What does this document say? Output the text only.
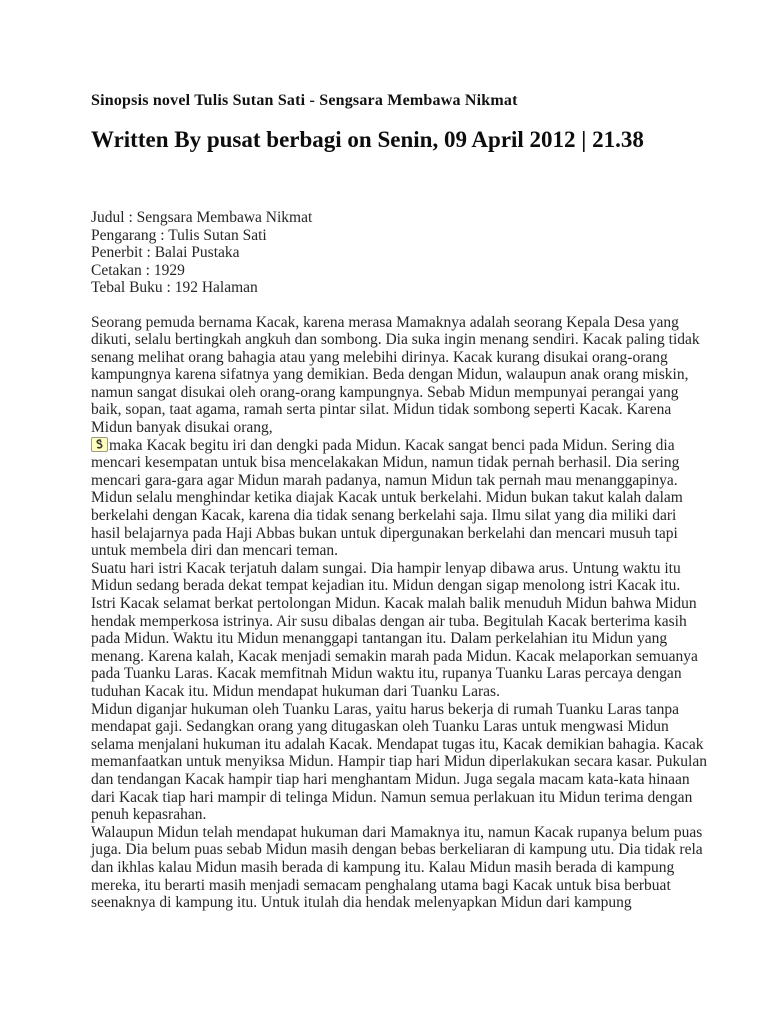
Sinopsis novel Tulis Sutan Sati - Sengsara Membawa Nikmat
Written By pusat berbagi on Senin, 09 April 2012 | 21.38
Judul : Sengsara Membawa Nikmat
Pengarang : Tulis Sutan Sati
Penerbit : Balai Pustaka
Cetakan : 1929
Tebal Buku : 192 Halaman

Seorang pemuda bernama Kacak, karena merasa Mamaknya adalah seorang Kepala Desa yang dikuti, selalu bertingkah angkuh dan sombong. Dia suka ingin menang sendiri. Kacak paling tidak senang melihat orang bahagia atau yang melebihi dirinya. Kacak kurang disukai orang-orang kampungnya karena sifatnya yang demikian. Beda dengan Midun, walaupun anak orang miskin, namun sangat disukai oleh orang-orang kampungnya. Sebab Midun mempunyai perangai yang baik, sopan, taat agama, ramah serta pintar silat. Midun tidak sombong seperti Kacak. Karena Midun banyak disukai orang,

maka Kacak begitu iri dan dengki pada Midun. Kacak sangat benci pada Midun. Sering dia mencari kesempatan untuk bisa mencelakakan Midun, namun tidak pernah berhasil. Dia sering mencari gara-gara agar Midun marah padanya, namun Midun tak pernah mau menanggapinya. Midun selalu menghindar ketika diajak Kacak untuk berkelahi. Midun bukan takut kalah dalam berkelahi dengan Kacak, karena dia tidak senang berkelahi saja. Ilmu silat yang dia miliki dari hasil belajarnya pada Haji Abbas bukan untuk dipergunakan berkelahi dan mencari musuh tapi untuk membela diri dan mencari teman.

Suatu hari istri Kacak terjatuh dalam sungai. Dia hampir lenyap dibawa arus. Untung waktu itu Midun sedang berada dekat tempat kejadian itu. Midun dengan sigap menolong istri Kacak itu. Istri Kacak selamat berkat pertolongan Midun. Kacak malah balik menuduh Midun bahwa Midun hendak memperkosa istrinya. Air susu dibalas dengan air tuba. Begitulah Kacak berterima kasih pada Midun. Waktu itu Midun menanggapi tantangan itu. Dalam perkelahian itu Midun yang menang. Karena kalah, Kacak menjadi semakin marah pada Midun. Kacak melaporkan semuanya pada Tuanku Laras. Kacak memfitnah Midun waktu itu, rupanya Tuanku Laras percaya dengan tuduhan Kacak itu. Midun mendapat hukuman dari Tuanku Laras.

Midun diganjar hukuman oleh Tuanku Laras, yaitu harus bekerja di rumah Tuanku Laras tanpa mendapat gaji. Sedangkan orang yang ditugaskan oleh Tuanku Laras untuk mengwasi Midun selama menjalani hukuman itu adalah Kacak. Mendapat tugas itu, Kacak demikian bahagia. Kacak memanfaatkan untuk menyiksa Midun. Hampir tiap hari Midun diperlakukan secara kasar. Pukulan dan tendangan Kacak hampir tiap hari menghantam Midun. Juga segala macam kata-kata hinaan dari Kacak tiap hari mampir di telinga Midun. Namun semua perlakuan itu Midun terima dengan penuh kepasrahan.

Walaupun Midun telah mendapat hukuman dari Mamaknya itu, namun Kacak rupanya belum puas juga. Dia belum puas sebab Midun masih dengan bebas berkeliaran di kampung utu. Dia tidak rela dan ikhlas kalau Midun masih berada di kampung itu. Kalau Midun masih berada di kampung mereka, itu berarti masih menjadi semacam penghalang utama bagi Kacak untuk bisa berbuat seenaknya di kampung itu. Untuk itulah dia hendak melenyapkan Midun dari kampung
